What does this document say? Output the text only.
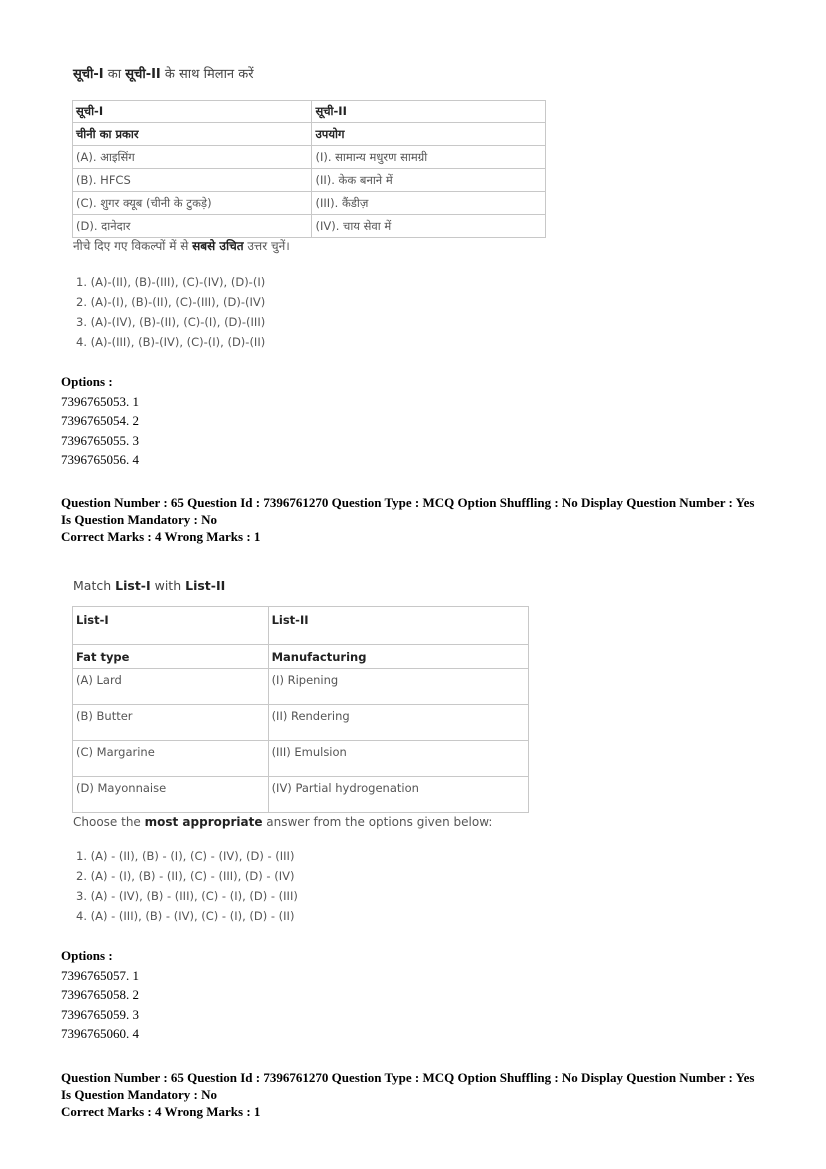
सूची-I का सूची-II के साथ मिलान करें

सूची-I	सूची-II
चीनी का प्रकार	उपयोग
(A). आइसिंग	(I). सामान्य मधुरण सामग्री
(B). HFCS	(II). केक बनाने में
(C). शुगर क्यूब (चीनी के टुकड़े)	(III). कैंडीज़
(D). दानेदार	(IV). चाय सेवा में
नीचे दिए गए विकल्पों में से सबसे उचित उत्तर चुनें।
1. (A)-(II), (B)-(III), (C)-(IV), (D)-(I)
2. (A)-(I), (B)-(II), (C)-(III), (D)-(IV)
3. (A)-(IV), (B)-(II), (C)-(I), (D)-(III)
4. (A)-(III), (B)-(IV), (C)-(I), (D)-(II)
Options :
7396765053. 1
7396765054. 2
7396765055. 3
7396765056. 4
Question Number : 65 Question Id : 7396761270 Question Type : MCQ Option Shuffling : No Display Question Number : Yes
Is Question Mandatory : No
Correct Marks : 4 Wrong Marks : 1

Match List-I with List-II

List-I	List-II
Fat type	Manufacturing
(A) Lard	(I) Ripening
(B) Butter	(II) Rendering
(C) Margarine	(III) Emulsion
(D) Mayonnaise	(IV) Partial hydrogenation
Choose the most appropriate answer from the options given below:
1. (A) - (II), (B) - (I), (C) - (IV), (D) - (III)
2. (A) - (I), (B) - (II), (C) - (III), (D) - (IV)
3. (A) - (IV), (B) - (III), (C) - (I), (D) - (III)
4. (A) - (III), (B) - (IV), (C) - (I), (D) - (II)
Options :
7396765057. 1
7396765058. 2
7396765059. 3
7396765060. 4
Question Number : 65 Question Id : 7396761270 Question Type : MCQ Option Shuffling : No Display Question Number : Yes
Is Question Mandatory : No
Correct Marks : 4 Wrong Marks : 1
